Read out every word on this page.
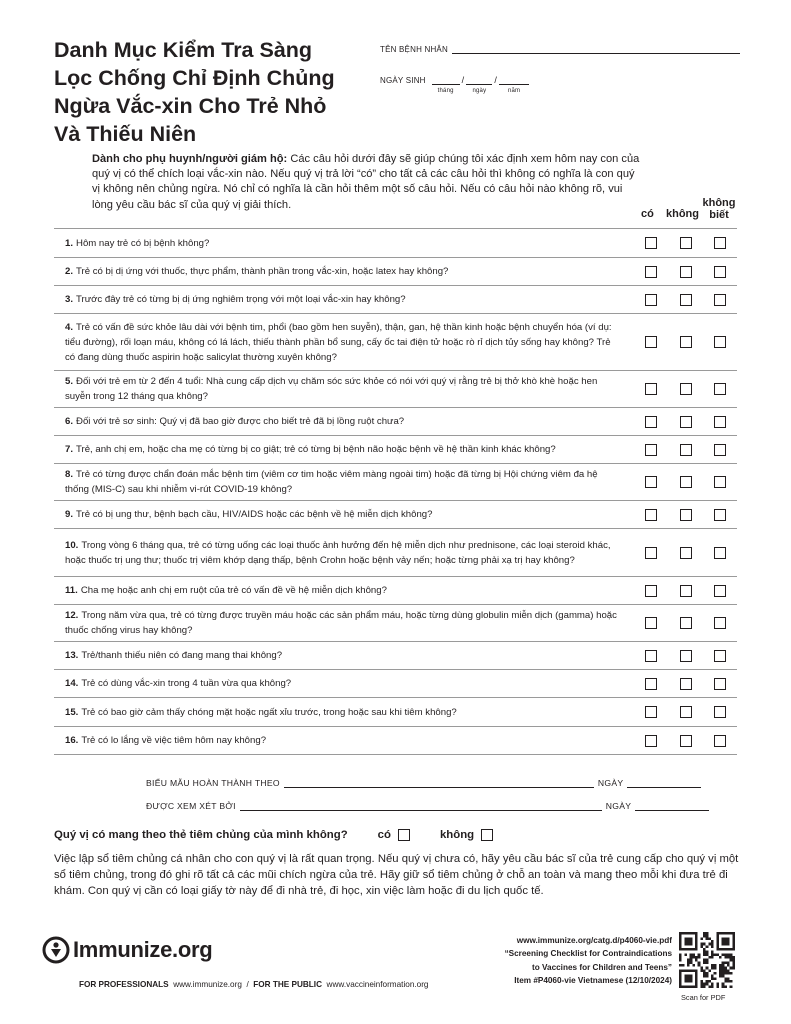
Danh Mục Kiểm Tra Sàng Lọc Chống Chỉ Định Chủng Ngừa Vắc-xin Cho Trẻ Nhỏ Và Thiếu Niên
TÊN BỆNH NHÂN
NGÀY SINH
tháng
/
ngày
/
năm
Dành cho phụ huynh/người giám hộ: Các câu hỏi dưới đây sẽ giúp chúng tôi xác định xem hôm nay con của quý vị có thể chích loại vắc-xin nào. Nếu quý vị trả lời “có” cho tất cả các câu hỏi thì không có nghĩa là con quý vị không nên chủng ngừa. Nó chỉ có nghĩa là cần hỏi thêm một số câu hỏi. Nếu có câu hỏi nào không rõ, vui lòng yêu cầu bác sĩ của quý vị giải thích.
có không
không biết
1. Hôm nay trẻ có bị bệnh không?
2. Trẻ có bị dị ứng với thuốc, thực phẩm, thành phần trong vắc-xin, hoặc latex hay không?
3. Trước đây trẻ có từng bị dị ứng nghiêm trọng với một loại vắc-xin hay không?
4. Trẻ có vấn đề sức khỏe lâu dài với bệnh tim, phổi (bao gồm hen suyễn), thận, gan, hệ thần kinh hoặc bệnh chuyển hóa (ví dụ: tiểu đường), rối loạn máu, không có lá lách, thiếu thành phần bổ sung, cấy ốc tai điện tử hoặc rò rỉ dịch tủy sống hay không? Trẻ có đang dùng thuốc aspirin hoặc salicylat thường xuyên không?
5. Đối với trẻ em từ 2 đến 4 tuổi: Nhà cung cấp dịch vụ chăm sóc sức khỏe có nói với quý vị rằng trẻ bị thở khò khè hoặc hen suyễn trong 12 tháng qua không?
6. Đối với trẻ sơ sinh: Quý vị đã bao giờ được cho biết trẻ đã bị lồng ruột chưa?
7. Trẻ, anh chị em, hoặc cha mẹ có từng bị co giật; trẻ có từng bị bệnh não hoặc bệnh về hệ thần kinh khác không?
8. Trẻ có từng được chẩn đoán mắc bệnh tim (viêm cơ tim hoặc viêm màng ngoài tim) hoặc đã từng bị Hội chứng viêm đa hệ thống (MIS-C) sau khi nhiễm vi-rút COVID-19 không?
9. Trẻ có bị ung thư, bệnh bạch cầu, HIV/AIDS hoặc các bệnh về hệ miễn dịch không?
10. Trong vòng 6 tháng qua, trẻ có từng uống các loại thuốc ảnh hưởng đến hệ miễn dịch như prednisone, các loại steroid khác, hoặc thuốc trị ung thư; thuốc trị viêm khớp dạng thấp, bệnh Crohn hoặc bệnh vảy nến; hoặc từng phải xạ trị hay không?
11. Cha mẹ hoặc anh chị em ruột của trẻ có vấn đề về hệ miễn dịch không?
12. Trong năm vừa qua, trẻ có từng được truyền máu hoặc các sản phẩm máu, hoặc từng dùng globulin miễn dịch (gamma) hoặc thuốc chống virus hay không?
13. Trẻ/thanh thiếu niên có đang mang thai không?
14. Trẻ có dùng vắc-xin trong 4 tuần vừa qua không?
15. Trẻ có bao giờ cảm thấy chóng mặt hoặc ngất xỉu trước, trong hoặc sau khi tiêm không?
16. Trẻ có lo lắng về việc tiêm hôm nay không?
BIỂU MẪU HOÀN THÀNH THEO	NGÀY
ĐƯỢC XEM XÉT BỞI	NGÀY
Quý vị có mang theo thẻ tiêm chủng của mình không?	có	không
Việc lập sổ tiêm chủng cá nhân cho con quý vị là rất quan trọng. Nếu quý vị chưa có, hãy yêu cầu bác sĩ của trẻ cung cấp cho quý vị một sổ tiêm chủng, trong đó ghi rõ tất cả các mũi chích ngừa của trẻ. Hãy giữ sổ tiêm chủng ở chỗ an toàn và mang theo mỗi khi đưa trẻ đi khám. Con quý vị cần có loại giấy tờ này để đi nhà trẻ, đi học, xin việc làm hoặc đi du lịch quốc tế.
Immunize.org
FOR PROFESSIONALS www.immunize.org / FOR THE PUBLIC www.vaccineinformation.org
www.immunize.org/catg.d/p4060-vie.pdf
“Screening Checklist for Contraindications
to Vaccines for Children and Teens”
Item #P4060-vie Vietnamese (12/10/2024)
Scan for PDF
